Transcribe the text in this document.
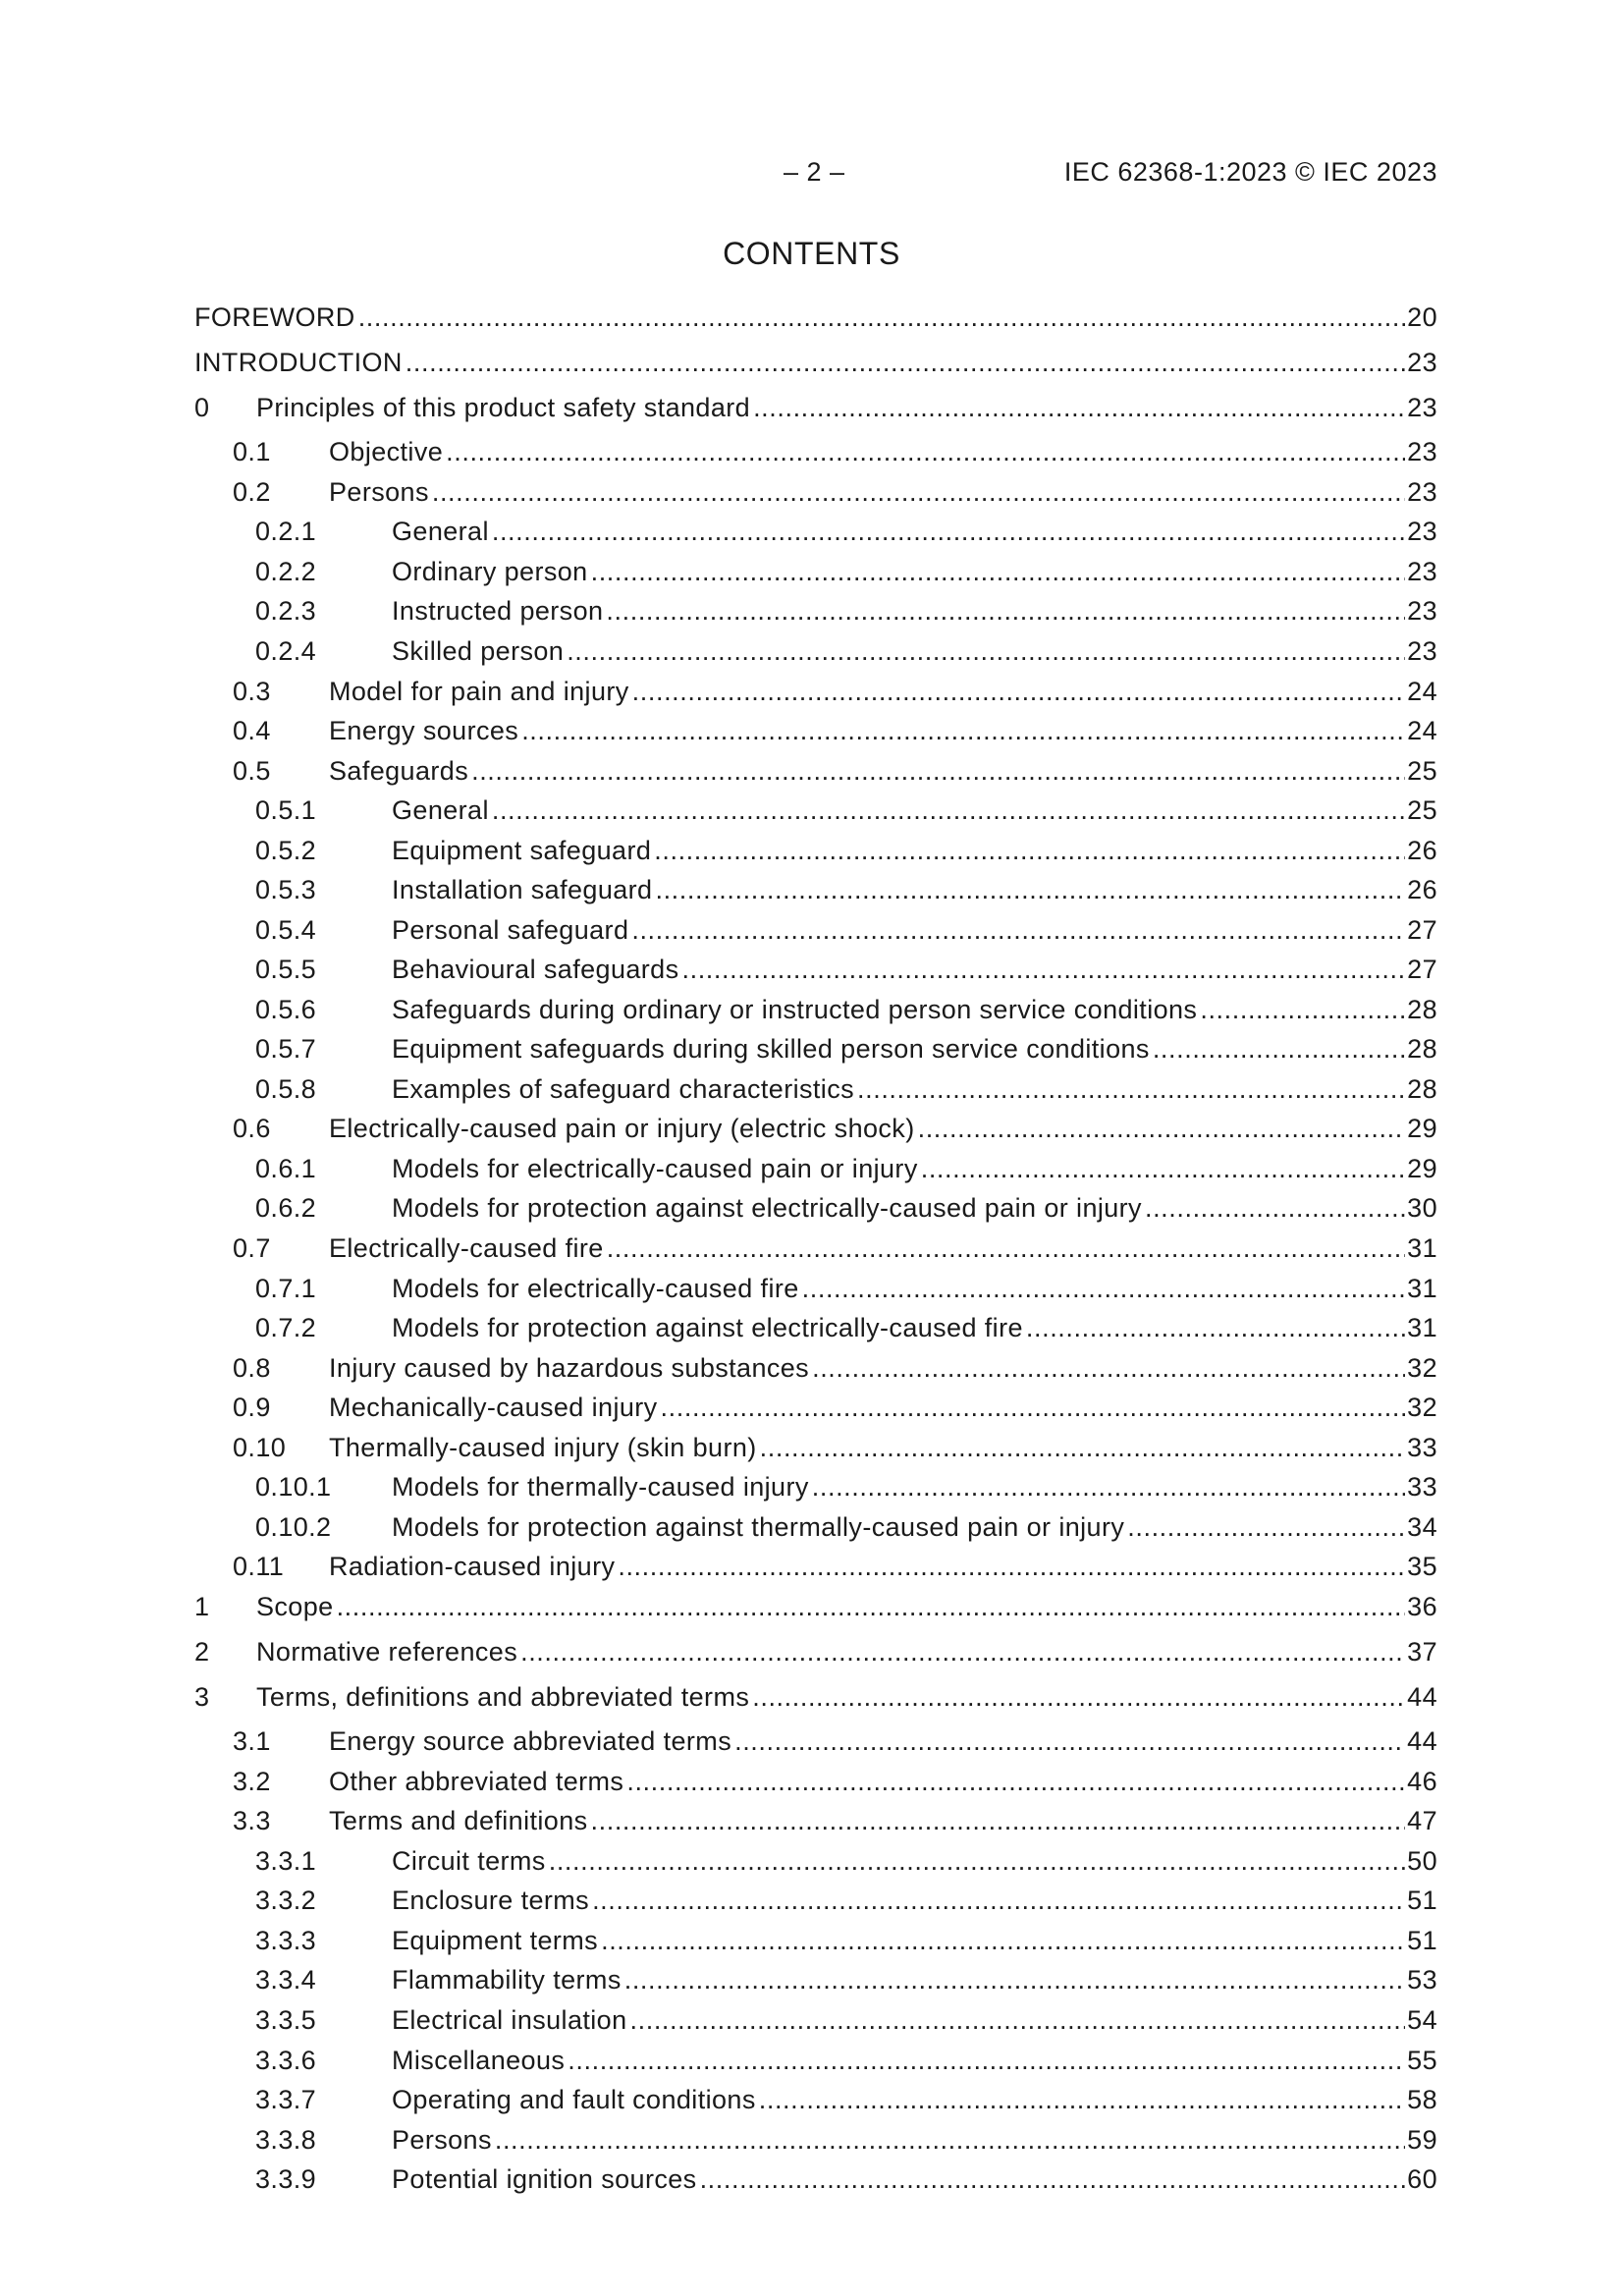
– 2 –	IEC 62368-1:2023 © IEC 2023
CONTENTS
FOREWORD .....	20
INTRODUCTION .....	23
0	Principles of this product safety standard .....	23
0.1	Objective .....	23
0.2	Persons .....	23
0.2.1	General .....	23
0.2.2	Ordinary person .....	23
0.2.3	Instructed person .....	23
0.2.4	Skilled person .....	23
0.3	Model for pain and injury .....	24
0.4	Energy sources .....	24
0.5	Safeguards .....	25
0.5.1	General .....	25
0.5.2	Equipment safeguard .....	26
0.5.3	Installation safeguard .....	26
0.5.4	Personal safeguard .....	27
0.5.5	Behavioural safeguards .....	27
0.5.6	Safeguards during ordinary or instructed person service conditions .....	28
0.5.7	Equipment safeguards during skilled person service conditions .....	28
0.5.8	Examples of safeguard characteristics .....	28
0.6	Electrically-caused pain or injury (electric shock) .....	29
0.6.1	Models for electrically-caused pain or injury .....	29
0.6.2	Models for protection against electrically-caused pain or injury .....	30
0.7	Electrically-caused fire .....	31
0.7.1	Models for electrically-caused fire .....	31
0.7.2	Models for protection against electrically-caused fire .....	31
0.8	Injury caused by hazardous substances .....	32
0.9	Mechanically-caused injury .....	32
0.10	Thermally-caused injury (skin burn) .....	33
0.10.1	Models for thermally-caused injury .....	33
0.10.2	Models for protection against thermally-caused pain or injury .....	34
0.11	Radiation-caused injury .....	35
1	Scope .....	36
2	Normative references .....	37
3	Terms, definitions and abbreviated terms .....	44
3.1	Energy source abbreviated terms .....	44
3.2	Other abbreviated terms .....	46
3.3	Terms and definitions .....	47
3.3.1	Circuit terms .....	50
3.3.2	Enclosure terms .....	51
3.3.3	Equipment terms .....	51
3.3.4	Flammability terms .....	53
3.3.5	Electrical insulation .....	54
3.3.6	Miscellaneous .....	55
3.3.7	Operating and fault conditions .....	58
3.3.8	Persons .....	59
3.3.9	Potential ignition sources .....	60
